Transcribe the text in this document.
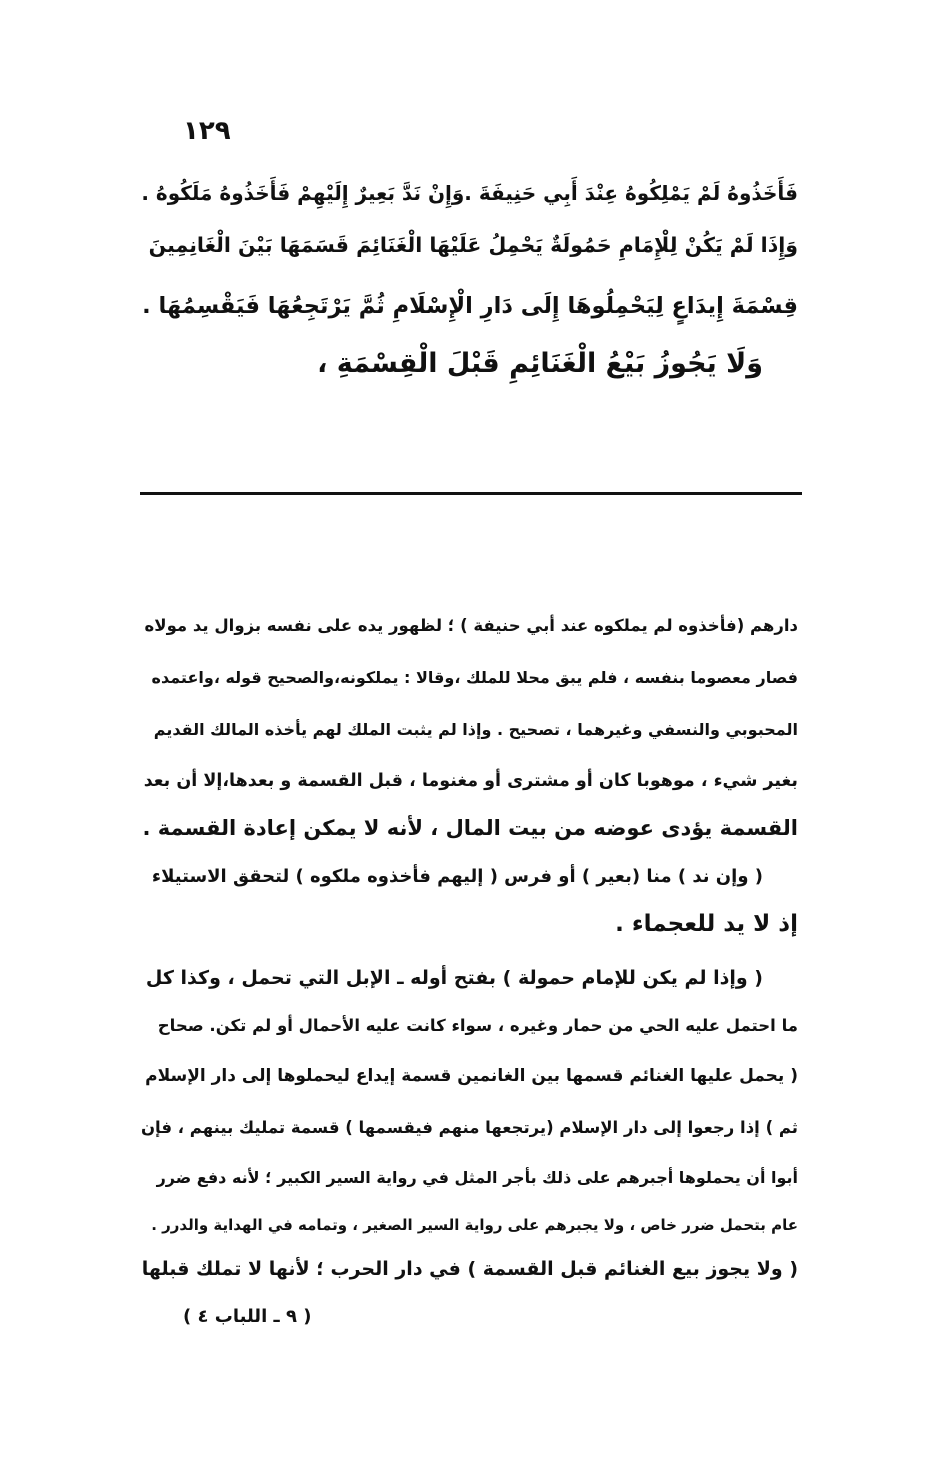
١٢٩
فَأَخَذُوهُ لَمْ يَمْلِكُوهُ عِنْدَ أَبِي حَنِيفَةَ .وَإِنْ نَدَّ بَعِيرٌ إِلَيْهِمْ فَأَخَذُوهُ مَلَكُوهُ .
وَإِذَا لَمْ يَكُنْ لِلْإِمَامِ حَمُولَةٌ يَحْمِلُ عَلَيْهَا الْغَنَائِمَ قَسَمَهَا بَيْنَ الْغَانِمِينَ
قِسْمَةَ إِيدَاعٍ لِيَحْمِلُوهَا إِلَى دَارِ الْإِسْلَامِ ثُمَّ يَرْتَجِعُهَا فَيَقْسِمُهَا .
وَلَا يَجُوزُ بَيْعُ الْغَنَائِمِ قَبْلَ الْقِسْمَةِ ،
دارهم (فأخذوه لم يملكوه عند أبي حنيفة ) ؛ لظهور يده على نفسه بزوال يد مولاه
فصار معصوما بنفسه ، فلم يبق محلا للملك ،وقالا : يملكونه،والصحيح قوله ،واعتمده
المحبوبي والنسفي وغيرهما ، تصحيح . وإذا لم يثبت الملك لهم يأخذه المالك القديم
بغير شيء ، موهوبا كان أو مشترى أو مغنوما ، قبل القسمة و بعدها،إلا أن بعد
القسمة يؤدى عوضه من بيت المال ، لأنه لا يمكن إعادة القسمة .
( وإن ند ) منا (بعير ) أو فرس ( إليهم فأخذوه ملكوه ) لتحقق الاستيلاء
إذ لا يد للعجماء .
( وإذا لم يكن للإمام حمولة ) بفتح أوله ـ الإبل التي تحمل ، وكذا كل
ما احتمل عليه الحي من حمار وغيره ، سواء كانت عليه الأحمال أو لم تكن. صحاح
( يحمل عليها الغنائم قسمها بين الغانمين قسمة إيداع ليحملوها إلى دار الإسلام
ثم ) إذا رجعوا إلى دار الإسلام (يرتجعها منهم فيقسمها ) قسمة تمليك بينهم ، فإن
أبوا أن يحملوها أجبرهم على ذلك بأجر المثل في رواية السير الكبير ؛ لأنه دفع ضرر
عام بتحمل ضرر خاص ، ولا يجبرهم على رواية السير الصغير ، وتمامه في الهداية والدرر .
( ولا يجوز بيع الغنائم قبل القسمة ) في دار الحرب ؛ لأنها لا تملك قبلها
( ٩ ـ اللباب ٤ )
